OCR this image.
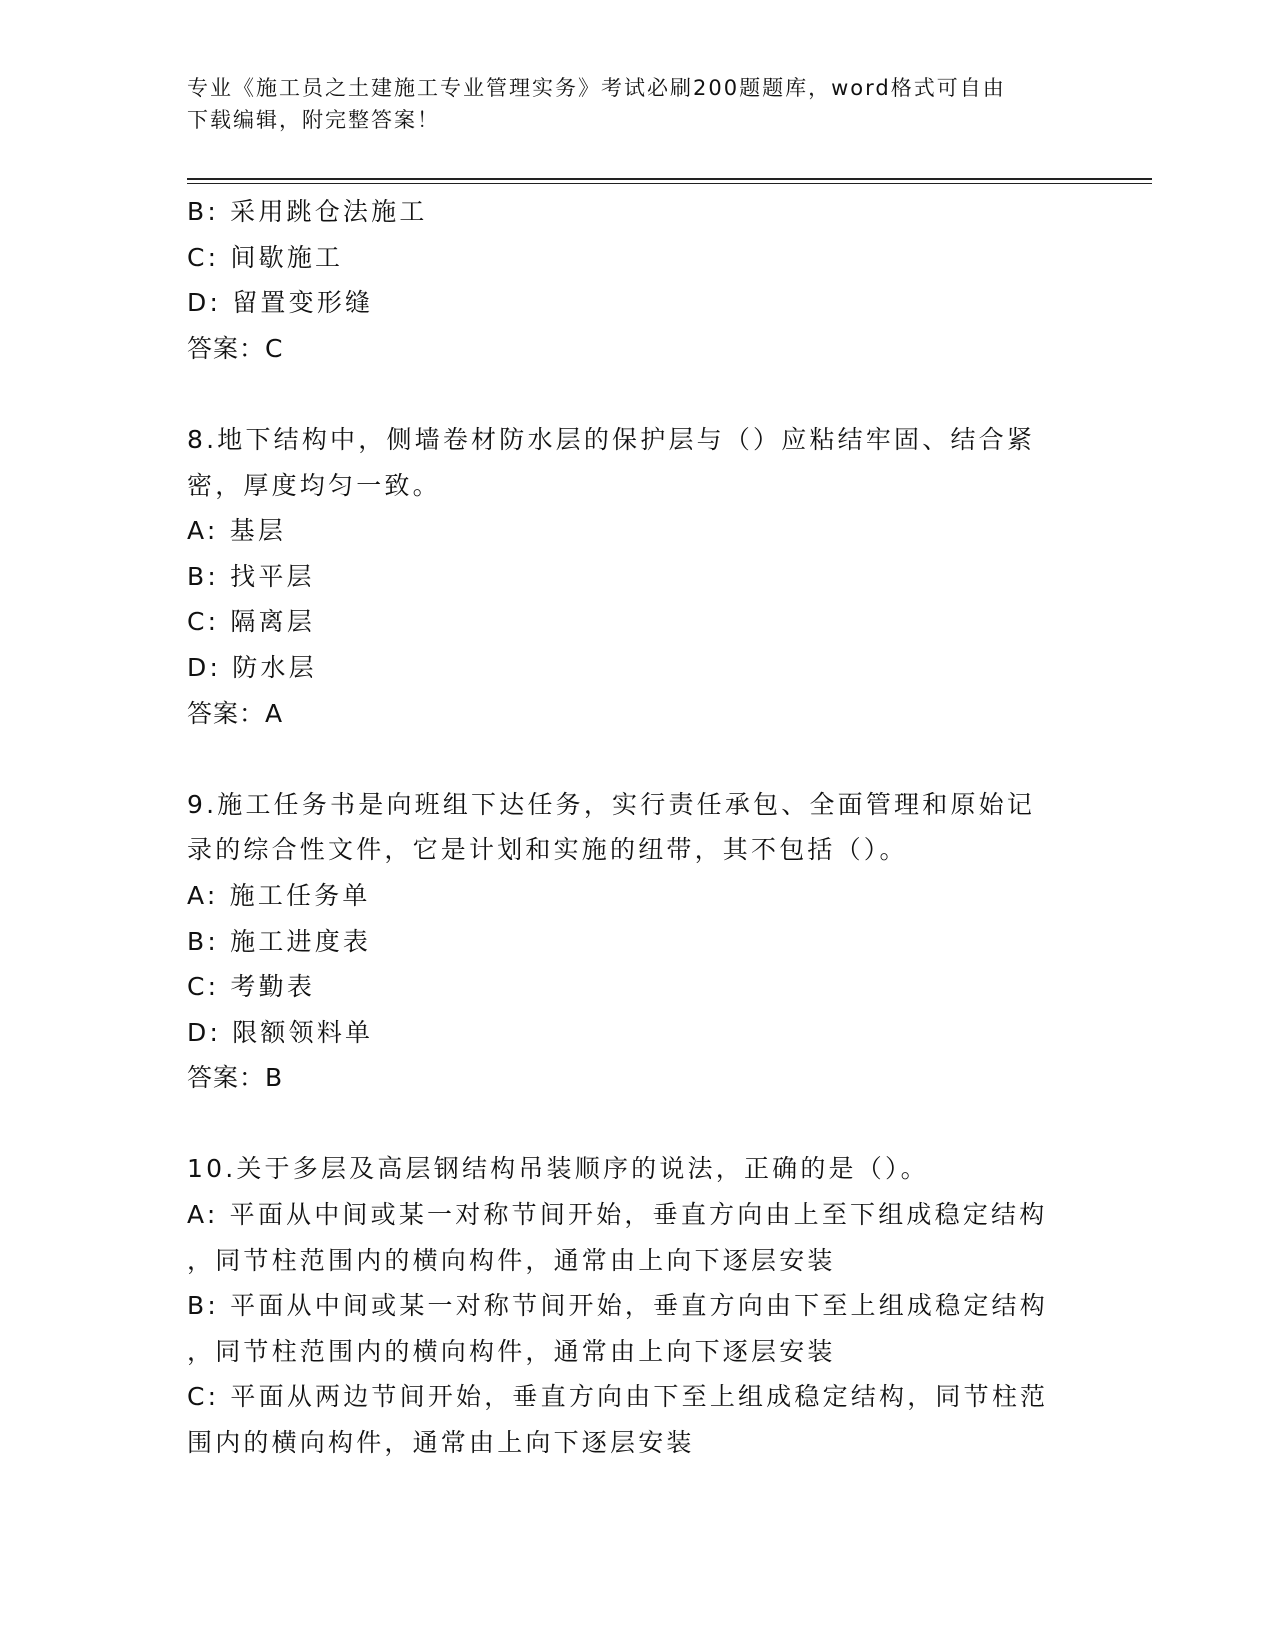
专业《施工员之土建施工专业管理实务》考试必刷200题题库，word格式可自由
下载编辑，附完整答案！

B: 采用跳仓法施工

C: 间歇施工

D: 留置变形缝

答案：C

8.地下结构中，侧墙卷材防水层的保护层与（）应粘结牢固、结合紧

密，厚度均匀一致。

A: 基层

B: 找平层

C: 隔离层

D: 防水层

答案：A

9.施工任务书是向班组下达任务，实行责任承包、全面管理和原始记

录的综合性文件，它是计划和实施的纽带，其不包括（）。

A: 施工任务单

B: 施工进度表

C: 考勤表

D: 限额领料单

答案：B

10.关于多层及高层钢结构吊装顺序的说法，正确的是（）。

A: 平面从中间或某一对称节间开始，垂直方向由上至下组成稳定结构

，同节柱范围内的横向构件，通常由上向下逐层安装

B: 平面从中间或某一对称节间开始，垂直方向由下至上组成稳定结构

，同节柱范围内的横向构件，通常由上向下逐层安装

C: 平面从两边节间开始，垂直方向由下至上组成稳定结构，同节柱范

围内的横向构件，通常由上向下逐层安装
